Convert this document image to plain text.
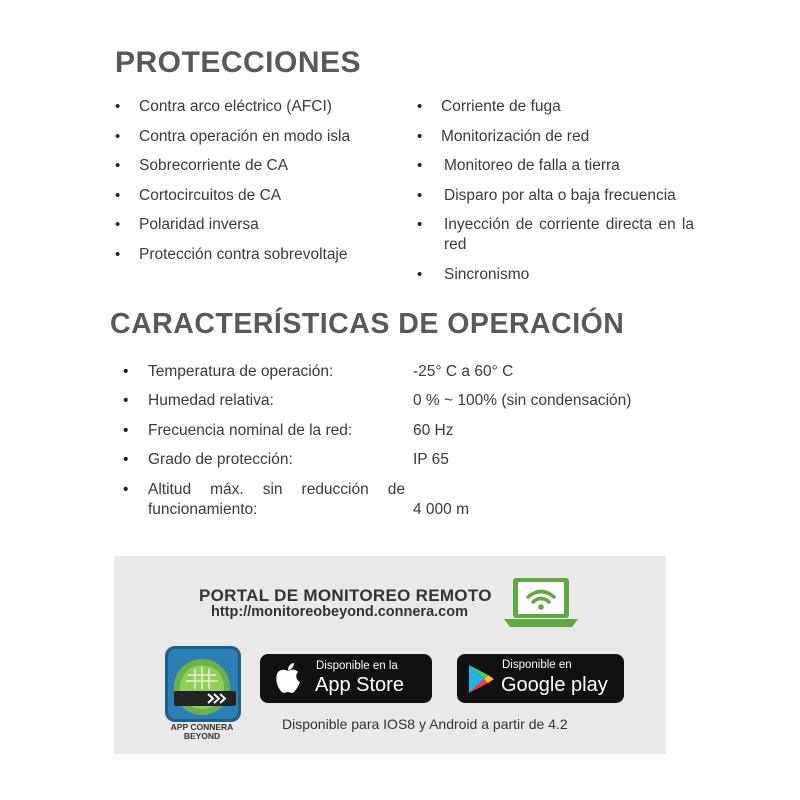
PROTECCIONES
• Contra arco eléctrico (AFCI)
• Contra operación en modo isla
• Sobrecorriente de CA
• Cortocircuitos de CA
• Polaridad inversa
• Protección contra sobrevoltaje
• Corriente de fuga
• Monitorización de red
• Monitoreo de falla a tierra
• Disparo por alta o baja frecuencia
• Inyección de corriente directa en la red
• Sincronismo
CARACTERÍSTICAS DE OPERACIÓN
• Temperatura de operación:	-25° C a 60° C
• Humedad relativa:	0 % ~ 100% (sin condensación)
• Frecuencia nominal de la red:	60 Hz
• Grado de protección:	IP 65
• Altitud máx. sin reducción de funcionamiento:	4 000 m
PORTAL DE MONITOREO REMOTO
http://monitoreobeyond.connera.com
APP CONNERA
BEYOND
Disponible en la
App Store
Disponible en
Google play
Disponible para IOS8 y Android a partir de 4.2
